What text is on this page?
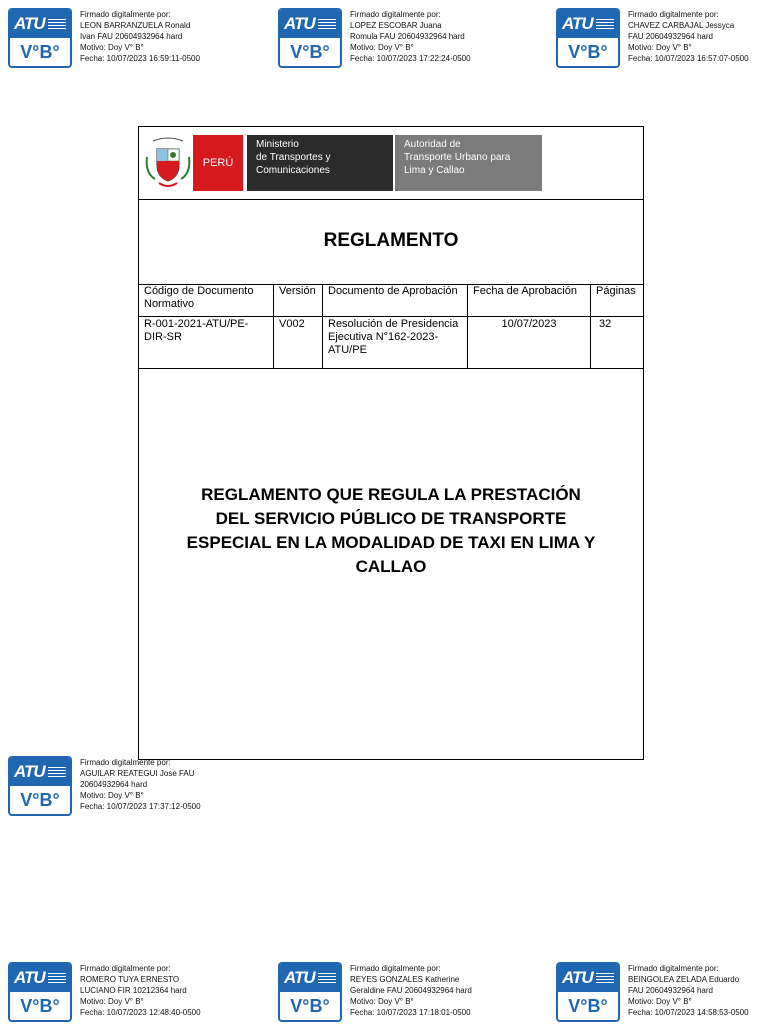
ATU
V°B°
Firmado digitalmente por:
LEON BARRANZUELA Ronald
Ivan FAU 20604932964 hard
Motivo: Doy V° B°
Fecha: 10/07/2023 16:59:11-0500
ATU
V°B°
Firmado digitalmente por:
LOPEZ ESCOBAR Juana
Romula FAU 20604932964 hard
Motivo: Doy V° B°
Fecha: 10/07/2023 17:22:24-0500
ATU
V°B°
Firmado digitalmente por:
CHAVEZ CARBAJAL Jessyca
FAU 20604932964 hard
Motivo: Doy V° B°
Fecha: 10/07/2023 16:57:07-0500
PERÚ
Ministerio
de Transportes y
Comunicaciones
Autoridad de
Transporte Urbano para
Lima y Callao
REGLAMENTO
Código de Documento Normativo	Versión	Documento de Aprobación	Fecha de Aprobación	Páginas
R-001-2021-ATU/PE-DIR-SR	V002	Resolución de Presidencia Ejecutiva N°162-2023-ATU/PE	10/07/2023	32
REGLAMENTO QUE REGULA LA PRESTACIÓN
DEL SERVICIO PÚBLICO DE TRANSPORTE
ESPECIAL EN LA MODALIDAD DE TAXI EN LIMA Y
CALLAO
ATU
V°B°
Firmado digitalmente por:
AGUILAR REATEGUI Jose FAU
20604932964 hard
Motivo: Doy V° B°
Fecha: 10/07/2023 17:37:12-0500
ATU
V°B°
Firmado digitalmente por:
ROMERO TUYA ERNESTO
LUCIANO FIR 10212364 hard
Motivo: Doy V° B°
Fecha: 10/07/2023 12:48:40-0500
ATU
V°B°
Firmado digitalmente por:
REYES GONZALES Katherine
Geraldine FAU 20604932964 hard
Motivo: Doy V° B°
Fecha: 10/07/2023 17:18:01-0500
ATU
V°B°
Firmado digitalmente por:
BEINGOLEA ZELADA Eduardo
FAU 20604932964 hard
Motivo: Doy V° B°
Fecha: 10/07/2023 14:58:53-0500
